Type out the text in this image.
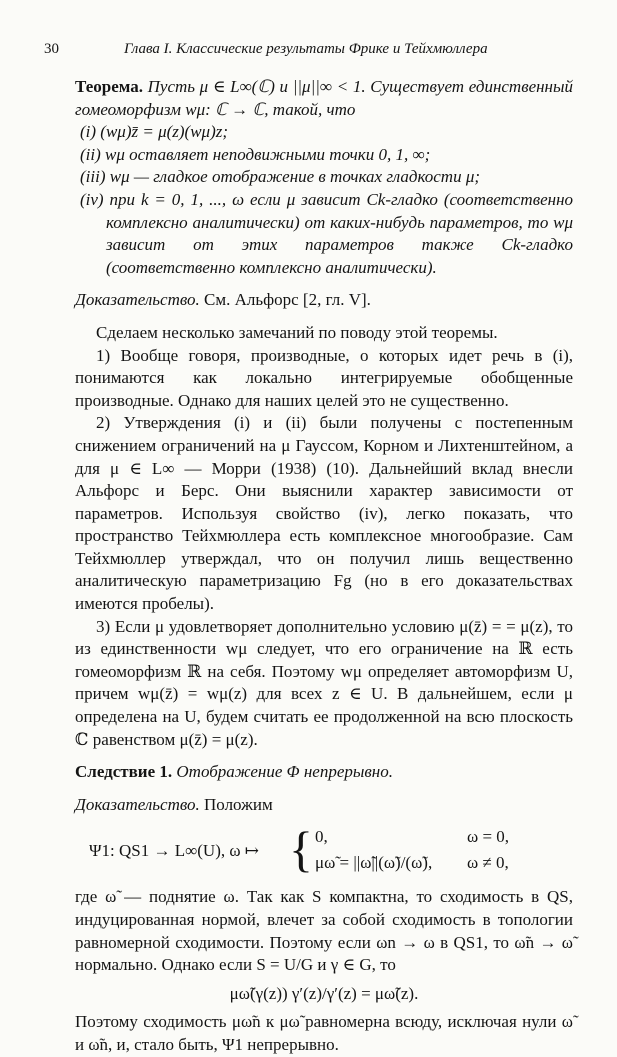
30	Глава I. Классические результаты Фрике и Тейхмюллера

Теорема. Пусть μ ∈ L∞(ℂ) и ||μ||∞ < 1. Существует единственный гомеоморфизм wμ: ℂ → ℂ, такой, что

(i) (wμ)z̄ = μ(z)(wμ)z;

(ii) wμ оставляет неподвижными точки 0, 1, ∞;

(iii) wμ — гладкое отображение в точках гладкости μ;

(iv) при k = 0, 1, ..., ω если μ зависит Ck-гладко (соответственно комплексно аналитически) от каких-нибудь параметров, то wμ зависит от этих параметров также Ck-гладко (соответственно комплексно аналитически).

Доказательство. См. Альфорс [2, гл. V].

Сделаем несколько замечаний по поводу этой теоремы.

1) Вообще говоря, производные, о которых идет речь в (i), понимаются как локально интегрируемые обобщенные производные. Однако для наших целей это не существенно.

2) Утверждения (i) и (ii) были получены с постепенным снижением ограничений на μ Гауссом, Корном и Лихтенштейном, а для μ ∈ L∞ — Морри (1938) (10). Дальнейший вклад внесли Альфорс и Берс. Они выяснили характер зависимости от параметров. Используя свойство (iv), легко показать, что пространство Тейхмюллера есть комплексное многообразие. Сам Тейхмюллер утверждал, что он получил лишь вещественно аналитическую параметризацию Fg (но в его доказательствах имеются пробелы).

3) Если μ удовлетворяет дополнительно условию μ(z̄) = = μ(z), то из единственности wμ следует, что его ограничение на ℝ есть гомеоморфизм ℝ на себя. Поэтому wμ определяет автоморфизм U, причем wμ(z̄) = wμ(z) для всех z ∈ U. В дальнейшем, если μ определена на U, будем считать ее продолженной на всю плоскость ℂ равенством μ(z̄) = μ(z).

Следствие 1. Отображение Φ непрерывно.

Доказательство. Положим

Ψ1: QS1 → L∞(U), ω ↦ { 0,	ω = 0,
μω̃ = ||ω̃||(ω̃)/(ω̃), ω ≠ 0,

где ω̃ — поднятие ω. Так как S компактна, то сходимость в QS, индуцированная нормой, влечет за собой сходимость в топологии равномерной сходимости. Поэтому если ωn → ω в QS1, то ω̃n → ω̃ нормально. Однако если S = U/G и γ ∈ G, то

μω̃(γ(z)) γ′(z)/γ′(z) = μω̃(z).

Поэтому сходимость μω̃n к μω̃ равномерна всюду, исключая нули ω̃ и ω̃n, и, стало быть, Ψ1 непрерывно.
